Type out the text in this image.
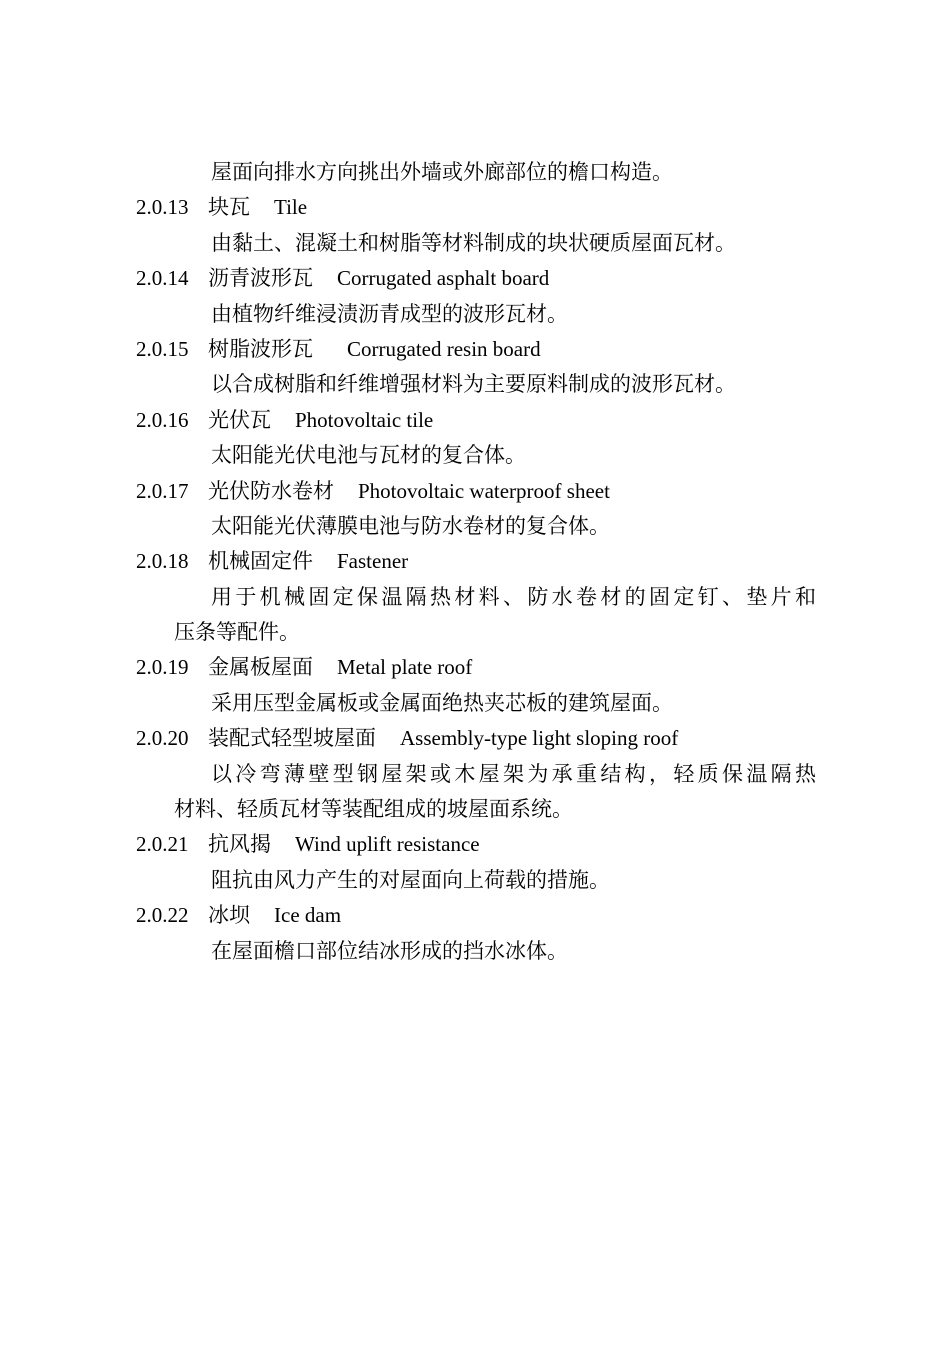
屋面向排水方向挑出外墙或外廊部位的檐口构造。
2.0.13 块瓦 Tile
由黏土、混凝土和树脂等材料制成的块状硬质屋面瓦材。
2.0.14 沥青波形瓦 Corrugated asphalt board
由植物纤维浸渍沥青成型的波形瓦材。
2.0.15 树脂波形瓦 Corrugated resin board
以合成树脂和纤维增强材料为主要原料制成的波形瓦材。
2.0.16 光伏瓦 Photovoltaic tile
太阳能光伏电池与瓦材的复合体。
2.0.17 光伏防水卷材 Photovoltaic waterproof sheet
太阳能光伏薄膜电池与防水卷材的复合体。
2.0.18 机械固定件 Fastener
用于机械固定保温隔热材料、防水卷材的固定钉、垫片和
压条等配件。
2.0.19 金属板屋面 Metal plate roof
采用压型金属板或金属面绝热夹芯板的建筑屋面。
2.0.20 装配式轻型坡屋面 Assembly-type light sloping roof
以冷弯薄壁型钢屋架或木屋架为承重结构，轻质保温隔热
材料、轻质瓦材等装配组成的坡屋面系统。
2.0.21 抗风揭 Wind uplift resistance
阻抗由风力产生的对屋面向上荷载的措施。
2.0.22 冰坝 Ice dam
在屋面檐口部位结冰形成的挡水冰体。
